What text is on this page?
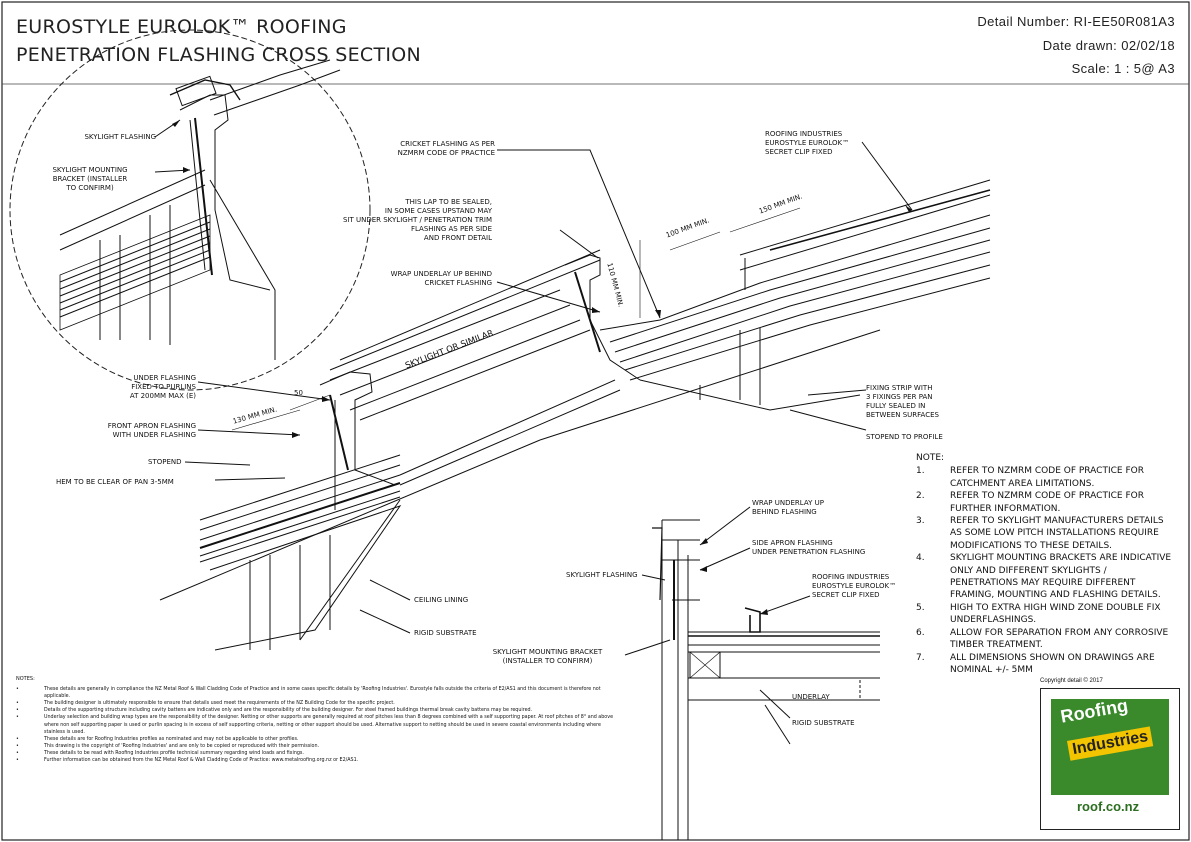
EUROSTYLE EUROLOK™ ROOFING
PENETRATION FLASHING CROSS SECTION
Detail Number: RI-EE50R081A3
Date drawn: 02/02/18
Scale: 1 : 5@ A3
SKYLIGHT FLASHING
SKYLIGHT MOUNTING
BRACKET (INSTALLER
TO CONFIRM)
CRICKET FLASHING AS PER
NZMRM CODE OF PRACTICE
ROOFING INDUSTRIES
EUROSTYLE EUROLOK™
SECRET CLIP FIXED
THIS LAP TO BE SEALED,
IN SOME CASES UPSTAND MAY
SIT UNDER SKYLIGHT / PENETRATION TRIM
FLASHING AS PER SIDE
AND FRONT DETAIL	100 MM MIN.
150 MM MIN.
110 MM MIN.
WRAP UNDERLAY UP BEHIND
CRICKET FLASHING
SKYLIGHT OR SIMILAR
FIXING STRIP WITH
3 FIXINGS PER PAN
FULLY SEALED IN
BETWEEN SURFACES
STOPEND TO PROFILE
UNDER FLASHING
FIXED TO PURLINS
AT 200MM MAX (E)
130 MM MIN.
50
FRONT APRON FLASHING
WITH UNDER FLASHING
STOPEND
HEM TO BE CLEAR OF PAN 3-5MM
CEILING LINING
RIGID SUBSTRATE
WRAP UNDERLAY UP
BEHIND FLASHING
SIDE APRON FLASHING
UNDER PENETRATION FLASHING
SKYLIGHT FLASHING	ROOFING INDUSTRIES
EUROSTYLE EUROLOK™
SECRET CLIP FIXED
SKYLIGHT MOUNTING BRACKET
(INSTALLER TO CONFIRM)
UNDERLAY
RIGID SUBSTRATE
NOTE:
1.	REFER TO NZMRM CODE OF PRACTICE FOR CATCHMENT AREA LIMITATIONS.
2.	REFER TO NZMRM CODE OF PRACTICE FOR FURTHER INFORMATION.
3.	REFER TO SKYLIGHT MANUFACTURERS DETAILS AS SOME LOW PITCH INSTALLATIONS REQUIRE MODIFICATIONS TO THESE DETAILS.
4.	SKYLIGHT MOUNTING BRACKETS ARE INDICATIVE ONLY AND DIFFERENT SKYLIGHTS / PENETRATIONS MAY REQUIRE DIFFERENT FRAMING, MOUNTING AND FLASHING DETAILS.
5.	HIGH TO EXTRA HIGH WIND ZONE DOUBLE FIX UNDERFLASHINGS.
6.	ALLOW FOR SEPARATION FROM ANY CORROSIVE TIMBER TREATMENT.
7.	ALL DIMENSIONS SHOWN ON DRAWINGS ARE NOMINAL +/- 5MM
NOTES:
•	These details are generally in compliance the NZ Metal Roof & Wall Cladding Code of Practice and in some cases specific details by 'Roofing Industries'. Eurostyle falls outside the criteria of E2/AS1 and this document is therefore not applicable.
•	The building designer is ultimately responsible to ensure that details used meet the requirements of the NZ Building Code for the specific project.
•	Details of the supporting structure including cavity battens are indicative only and are the responsibility of the building designer. For steel framed buildings thermal break cavity battens may be required.
•	Underlay selection and building wrap types are the responsibility of the designer. Netting or other supports are generally required at roof pitches less than 8 degrees combined with a self supporting paper. At roof pitches of 8° and above where non self supporting paper is used or purlin spacing is in excess of self supporting criteria, netting or other support should be used. Alternative support to netting should be used in severe coastal environments including where stainless is used.
•	These details are for Roofing Industries profiles as nominated and may not be applicable to other profiles.
•	This drawing is the copyright of 'Roofing Industries' and are only to be copied or reproduced with their permission.
•	These details to be read with Roofing Industries profile technical summary regarding wind loads and fixings.
•	Further information can be obtained from the NZ Metal Roof & Wall Cladding Code of Practice: www.metalroofing.org.nz or E2/AS1.
Copyright detail © 2017
Roofing
Industries
roof.co.nz
